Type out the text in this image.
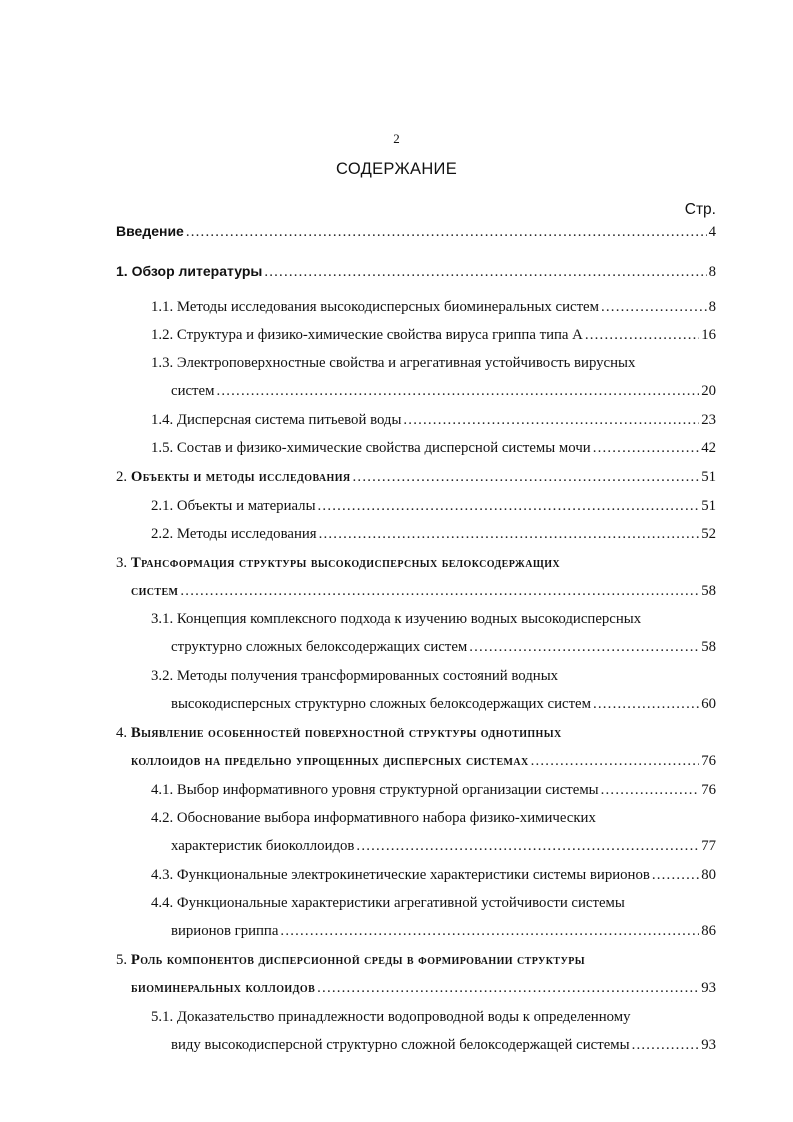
2
СОДЕРЖАНИЕ
Стр.
Введение .....	4
1. Обзор литературы .....	8
1.1. Методы исследования высокодисперсных биоминеральных систем .....	8
1.2. Структура и физико-химические свойства вируса гриппа типа А .....	16
1.3. Электроповерхностные свойства и агрегативная устойчивость вирусных
систем .....	20
1.4. Дисперсная система питьевой воды .....	23
1.5. Состав и физико-химические свойства дисперсной системы мочи .....	42
2. Объекты и методы исследования .....	51
2.1. Объекты и материалы .....	51
2.2. Методы исследования .....	52
3. Трансформация структуры высокодисперсных белоксодержащих
систем .....	58
3.1. Концепция комплексного подхода к изучению водных высокодисперсных
структурно сложных белоксодержащих систем .....	58
3.2. Методы получения трансформированных состояний водных
высокодисперсных структурно сложных белоксодержащих систем .....	60
4. Выявление особенностей поверхностной структуры однотипных
коллоидов на предельно упрощенных дисперсных системах .....	76
4.1. Выбор информативного уровня структурной организации системы .....	76
4.2. Обоснование выбора информативного набора физико-химических
характеристик биоколлоидов .....	77
4.3. Функциональные электрокинетические характеристики системы вирионов .....	80
4.4. Функциональные характеристики агрегативной устойчивости системы
вирионов гриппа .....	86
5. Роль компонентов дисперсионной среды в формировании структуры
биоминеральных коллоидов .....	93
5.1. Доказательство принадлежности водопроводной воды к определенному
виду высокодисперсной структурно сложной белоксодержащей системы .....	93
